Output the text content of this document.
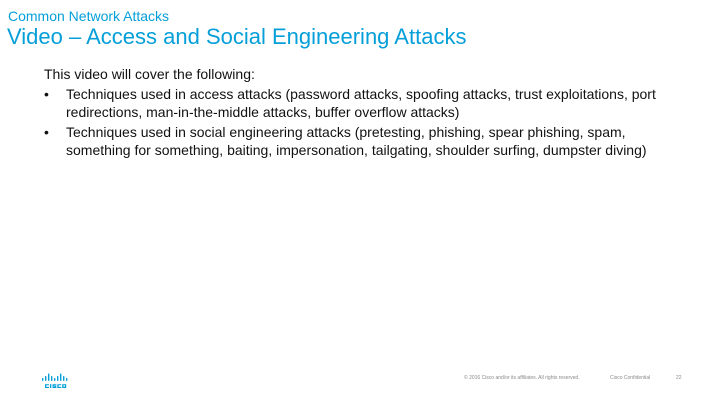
Common Network Attacks
Video – Access and Social Engineering Attacks

This video will cover the following:

• Techniques used in access attacks (password attacks, spoofing attacks, trust exploitations, port redirections, man-in-the-middle attacks, buffer overflow attacks)
• Techniques used in social engineering attacks (pretesting, phishing, spear phishing, spam, something for something, baiting, impersonation, tailgating, shoulder surfing, dumpster diving)
© 2016 Cisco and/or its affiliates. All rights reserved.	Cisco Confidential	22
